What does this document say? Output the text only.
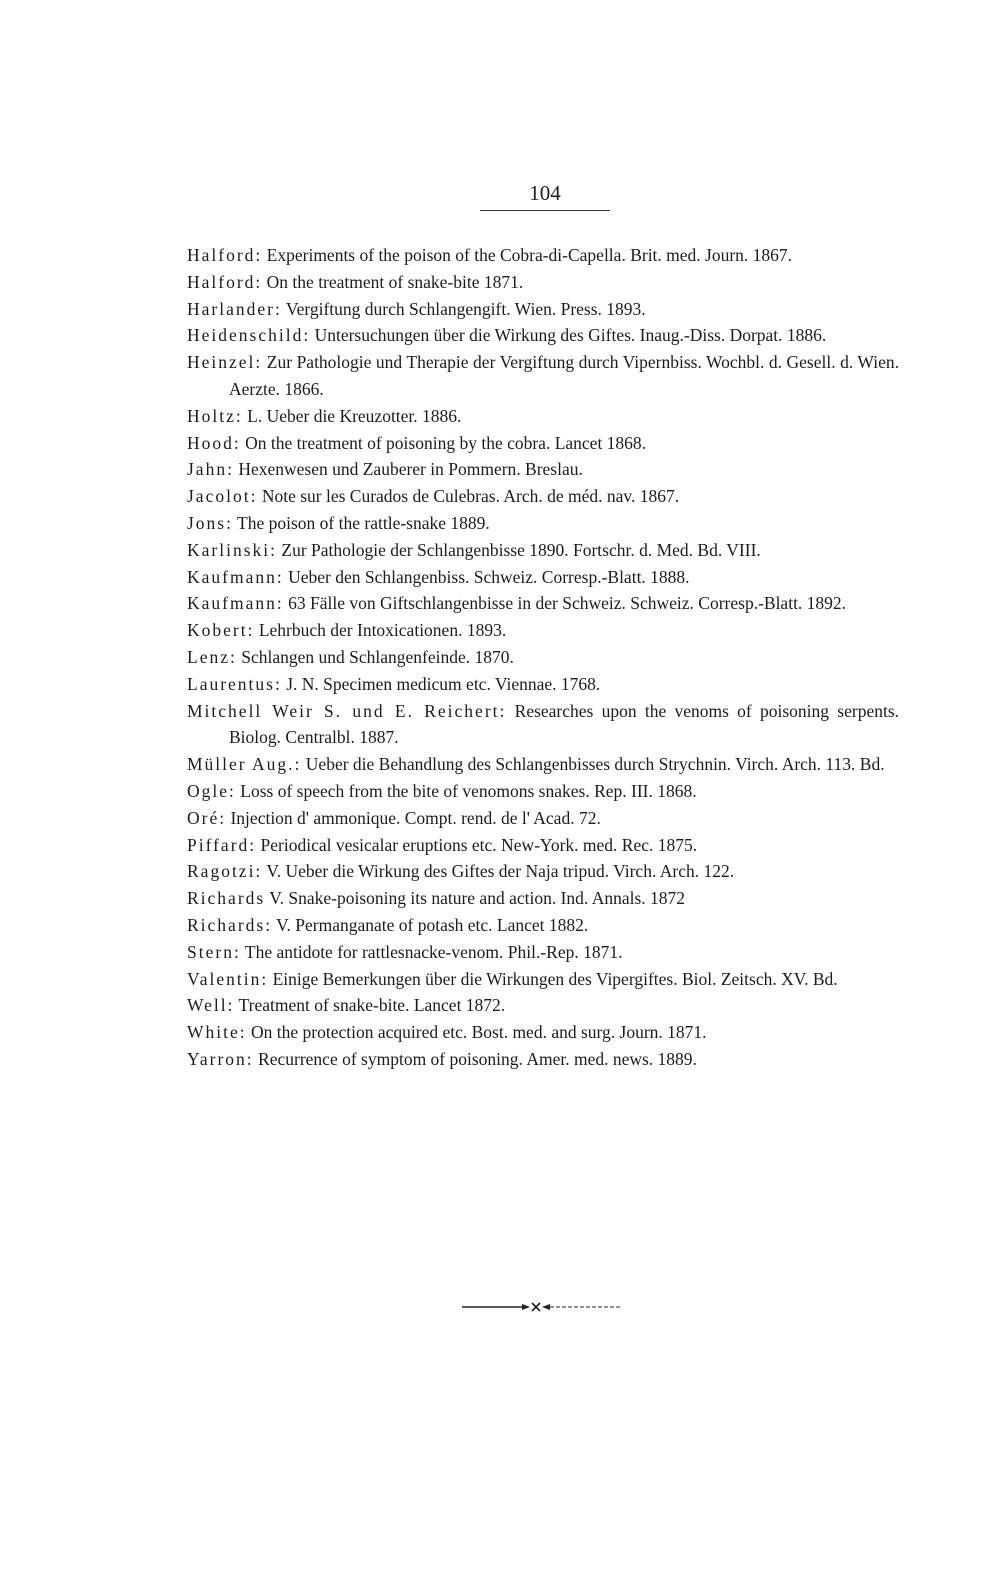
104
Halford: Experiments of the poison of the Cobra-di-Capella. Brit. med. Journ. 1867.
Halford: On the treatment of snake-bite 1871.
Harlander: Vergiftung durch Schlangengift. Wien. Press. 1893.
Heidenschild: Untersuchungen über die Wirkung des Giftes. Inaug.-Diss. Dorpat. 1886.
Heinzel: Zur Pathologie und Therapie der Vergiftung durch Vipernbiss. Wochbl. d. Gesell. d. Wien. Aerzte. 1866.
Holtz: L. Ueber die Kreuzotter. 1886.
Hood: On the treatment of poisoning by the cobra. Lancet 1868.
Jahn: Hexenwesen und Zauberer in Pommern. Breslau.
Jacolot: Note sur les Curados de Culebras. Arch. de méd. nav. 1867.
Jons: The poison of the rattle-snake 1889.
Karlinski: Zur Pathologie der Schlangenbisse 1890. Fortschr. d. Med. Bd. VIII.
Kaufmann: Ueber den Schlangenbiss. Schweiz. Corresp.-Blatt. 1888.
Kaufmann: 63 Fälle von Giftschlangenbisse in der Schweiz. Schweiz. Corresp.-Blatt. 1892.
Kobert: Lehrbuch der Intoxicationen. 1893.
Lenz: Schlangen und Schlangenfeinde. 1870.
Laurentus: J. N. Specimen medicum etc. Viennae. 1768.
Mitchell Weir S. und E. Reichert: Researches upon the venoms of poisoning serpents. Biolog. Centralbl. 1887.
Müller Aug.: Ueber die Behandlung des Schlangenbisses durch Strychnin. Virch. Arch. 113. Bd.
Ogle: Loss of speech from the bite of venomons snakes. Rep. III. 1868.
Oré: Injection d' ammonique. Compt. rend. de l' Acad. 72.
Piffard: Periodical vesicalar eruptions etc. New-York. med. Rec. 1875.
Ragotzi: V. Ueber die Wirkung des Giftes der Naja tripud. Virch. Arch. 122.
Richards V. Snake-poisoning its nature and action. Ind. Annals. 1872
Richards: V. Permanganate of potash etc. Lancet 1882.
Stern: The antidote for rattlesnacke-venom. Phil.-Rep. 1871.
Valentin: Einige Bemerkungen über die Wirkungen des Vipergiftes. Biol. Zeitsch. XV. Bd.
Well: Treatment of snake-bite. Lancet 1872.
White: On the protection acquired etc. Bost. med. and surg. Journ. 1871.
Yarron: Recurrence of symptom of poisoning. Amer. med. news. 1889.
